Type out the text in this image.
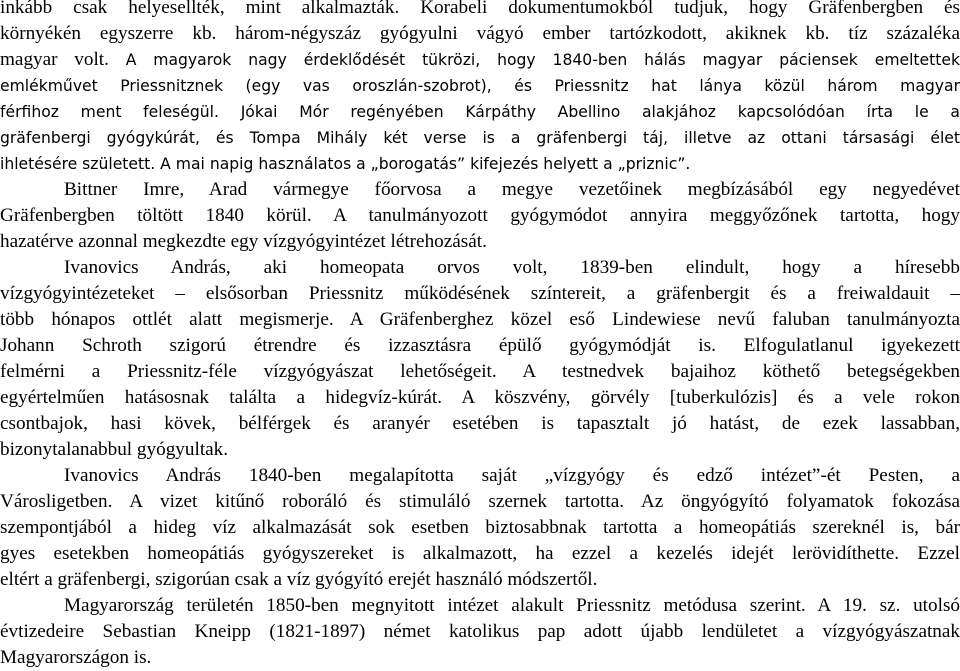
inkább csak helyesellték, mint alkalmazták. Korabeli dokumentumokból tudjuk, hogy Gräfenbergben és
környékén egyszerre kb. három-négyszáz gyógyulni vágyó ember tartózkodott, akiknek kb. tíz százaléka
magyar volt. A magyarok nagy érdeklődését tükrözi, hogy 1840-ben hálás magyar páciensek emeltettek
emlékművet Priessnitznek (egy vas oroszlán-szobrot), és Priessnitz hat lánya közül három magyar
férfihoz ment feleségül. Jókai Mór regényében Kárpáthy Abellino alakjához kapcsolódóan írta le a
gräfenbergi gyógykúrát, és Tompa Mihály két verse is a gräfenbergi táj, illetve az ottani társasági élet
ihletésére született. A mai napig használatos a „borogatás” kifejezés helyett a „priznic”.
Bittner Imre, Arad vármegye főorvosa a megye vezetőinek megbízásából egy negyedévet
Gräfenbergben töltött 1840 körül. A tanulmányozott gyógymódot annyira meggyőzőnek tartotta, hogy
hazatérve azonnal megkezdte egy vízgyógyintézet létrehozását.
Ivanovics András, aki homeopata orvos volt, 1839-ben elindult, hogy a híresebb
vízgyógyintézeteket – elsősorban Priessnitz működésének színtereit, a gräfenbergit és a freiwaldauit –
több hónapos ottlét alatt megismerje. A Gräfenberghez közel eső Lindewiese nevű faluban tanulmányozta
Johann Schroth szigorú étrendre és izzasztásra épülő gyógymódját is. Elfogulatlanul igyekezett
felmérni a Priessnitz-féle vízgyógyászat lehetőségeit. A testnedvek bajaihoz köthető betegségekben
egyértelműen hatásosnak találta a hidegvíz-kúrát. A köszvény, görvély [tuberkulózis] és a vele rokon
csontbajok, hasi kövek, bélférgek és aranyér esetében is tapasztalt jó hatást, de ezek lassabban,
bizonytalanabbul gyógyultak.
Ivanovics András 1840-ben megalapította saját „vízgyógy és edző intézet”-ét Pesten, a
Városligetben. A vizet kitűnő roboráló és stimuláló szernek tartotta. Az öngyógyító folyamatok fokozása
szempontjából a hideg víz alkalmazását sok esetben biztosabbnak tartotta a homeopátiás szereknél is, bár
gyes esetekben homeopátiás gyógyszereket is alkalmazott, ha ezzel a kezelés idejét lerövidíthette. Ezzel
eltért a gräfenbergi, szigorúan csak a víz gyógyító erejét használó módszertől.
Magyarország területén 1850-ben megnyitott intézet alakult Priessnitz metódusa szerint. A 19. sz. utolsó
évtizedeire Sebastian Kneipp (1821-1897) német katolikus pap adott újabb lendületet a vízgyógyászatnak
Magyarországon is.
